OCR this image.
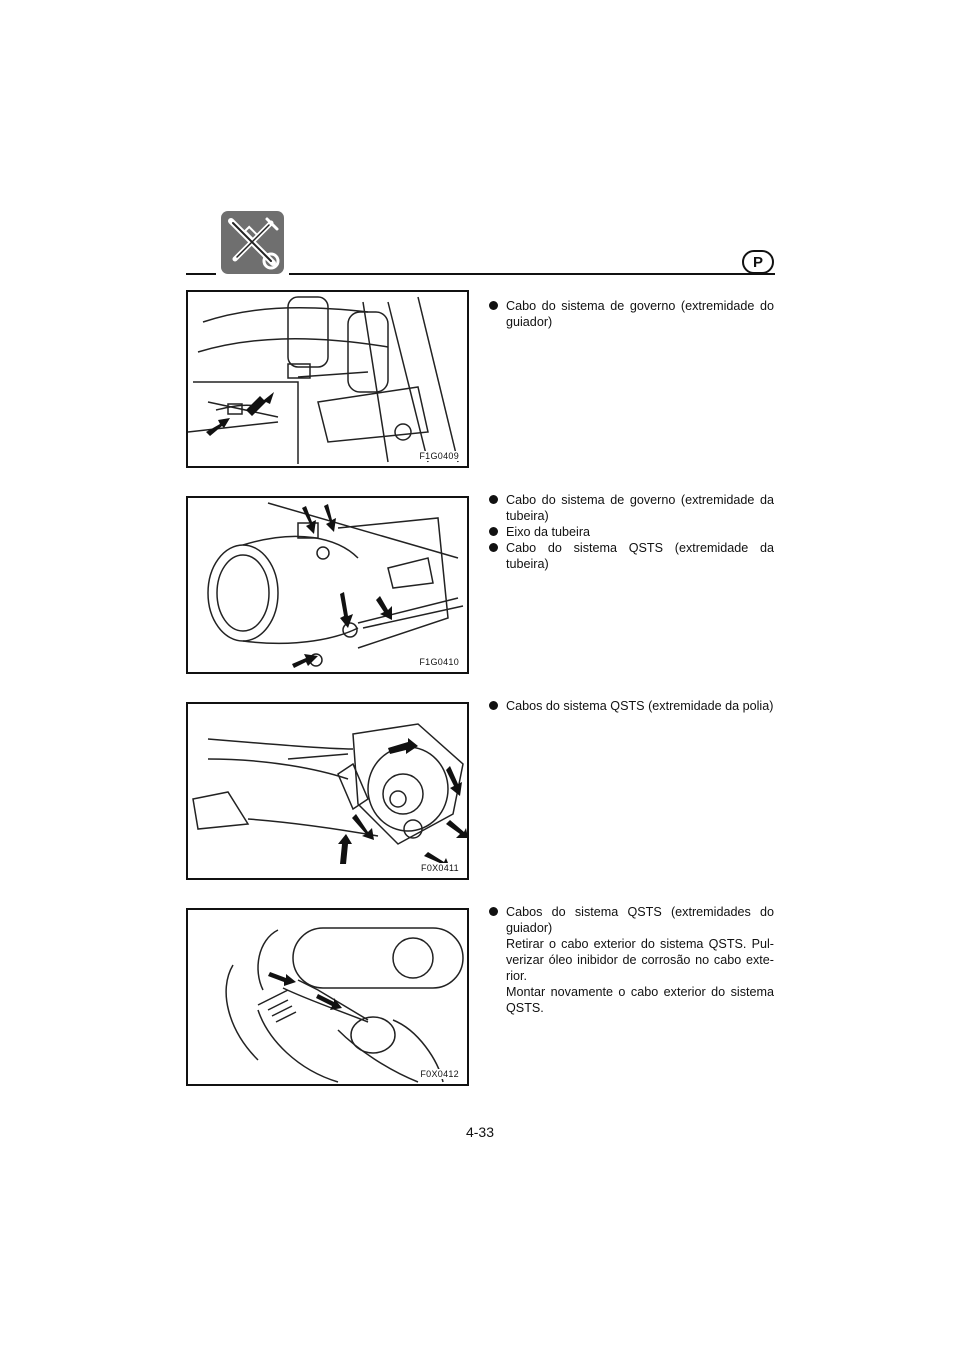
P
F1G0409
Cabo do sistema de governo (extremidade do guiador)
F1G0410
Cabo do sistema de governo (extremidade da tubeira)
Eixo da tubeira
Cabo do sistema QSTS (extremidade da tubeira)
F0X0411
Cabos do sistema QSTS (extremidade da polia)
F0X0412
Cabos do sistema QSTS (extremidades do guiador)
Retirar o cabo exterior do sistema QSTS. Pul-verizar óleo inibidor de corrosão no cabo exte-rior.
Montar novamente o cabo exterior do sistema QSTS.
4-33
